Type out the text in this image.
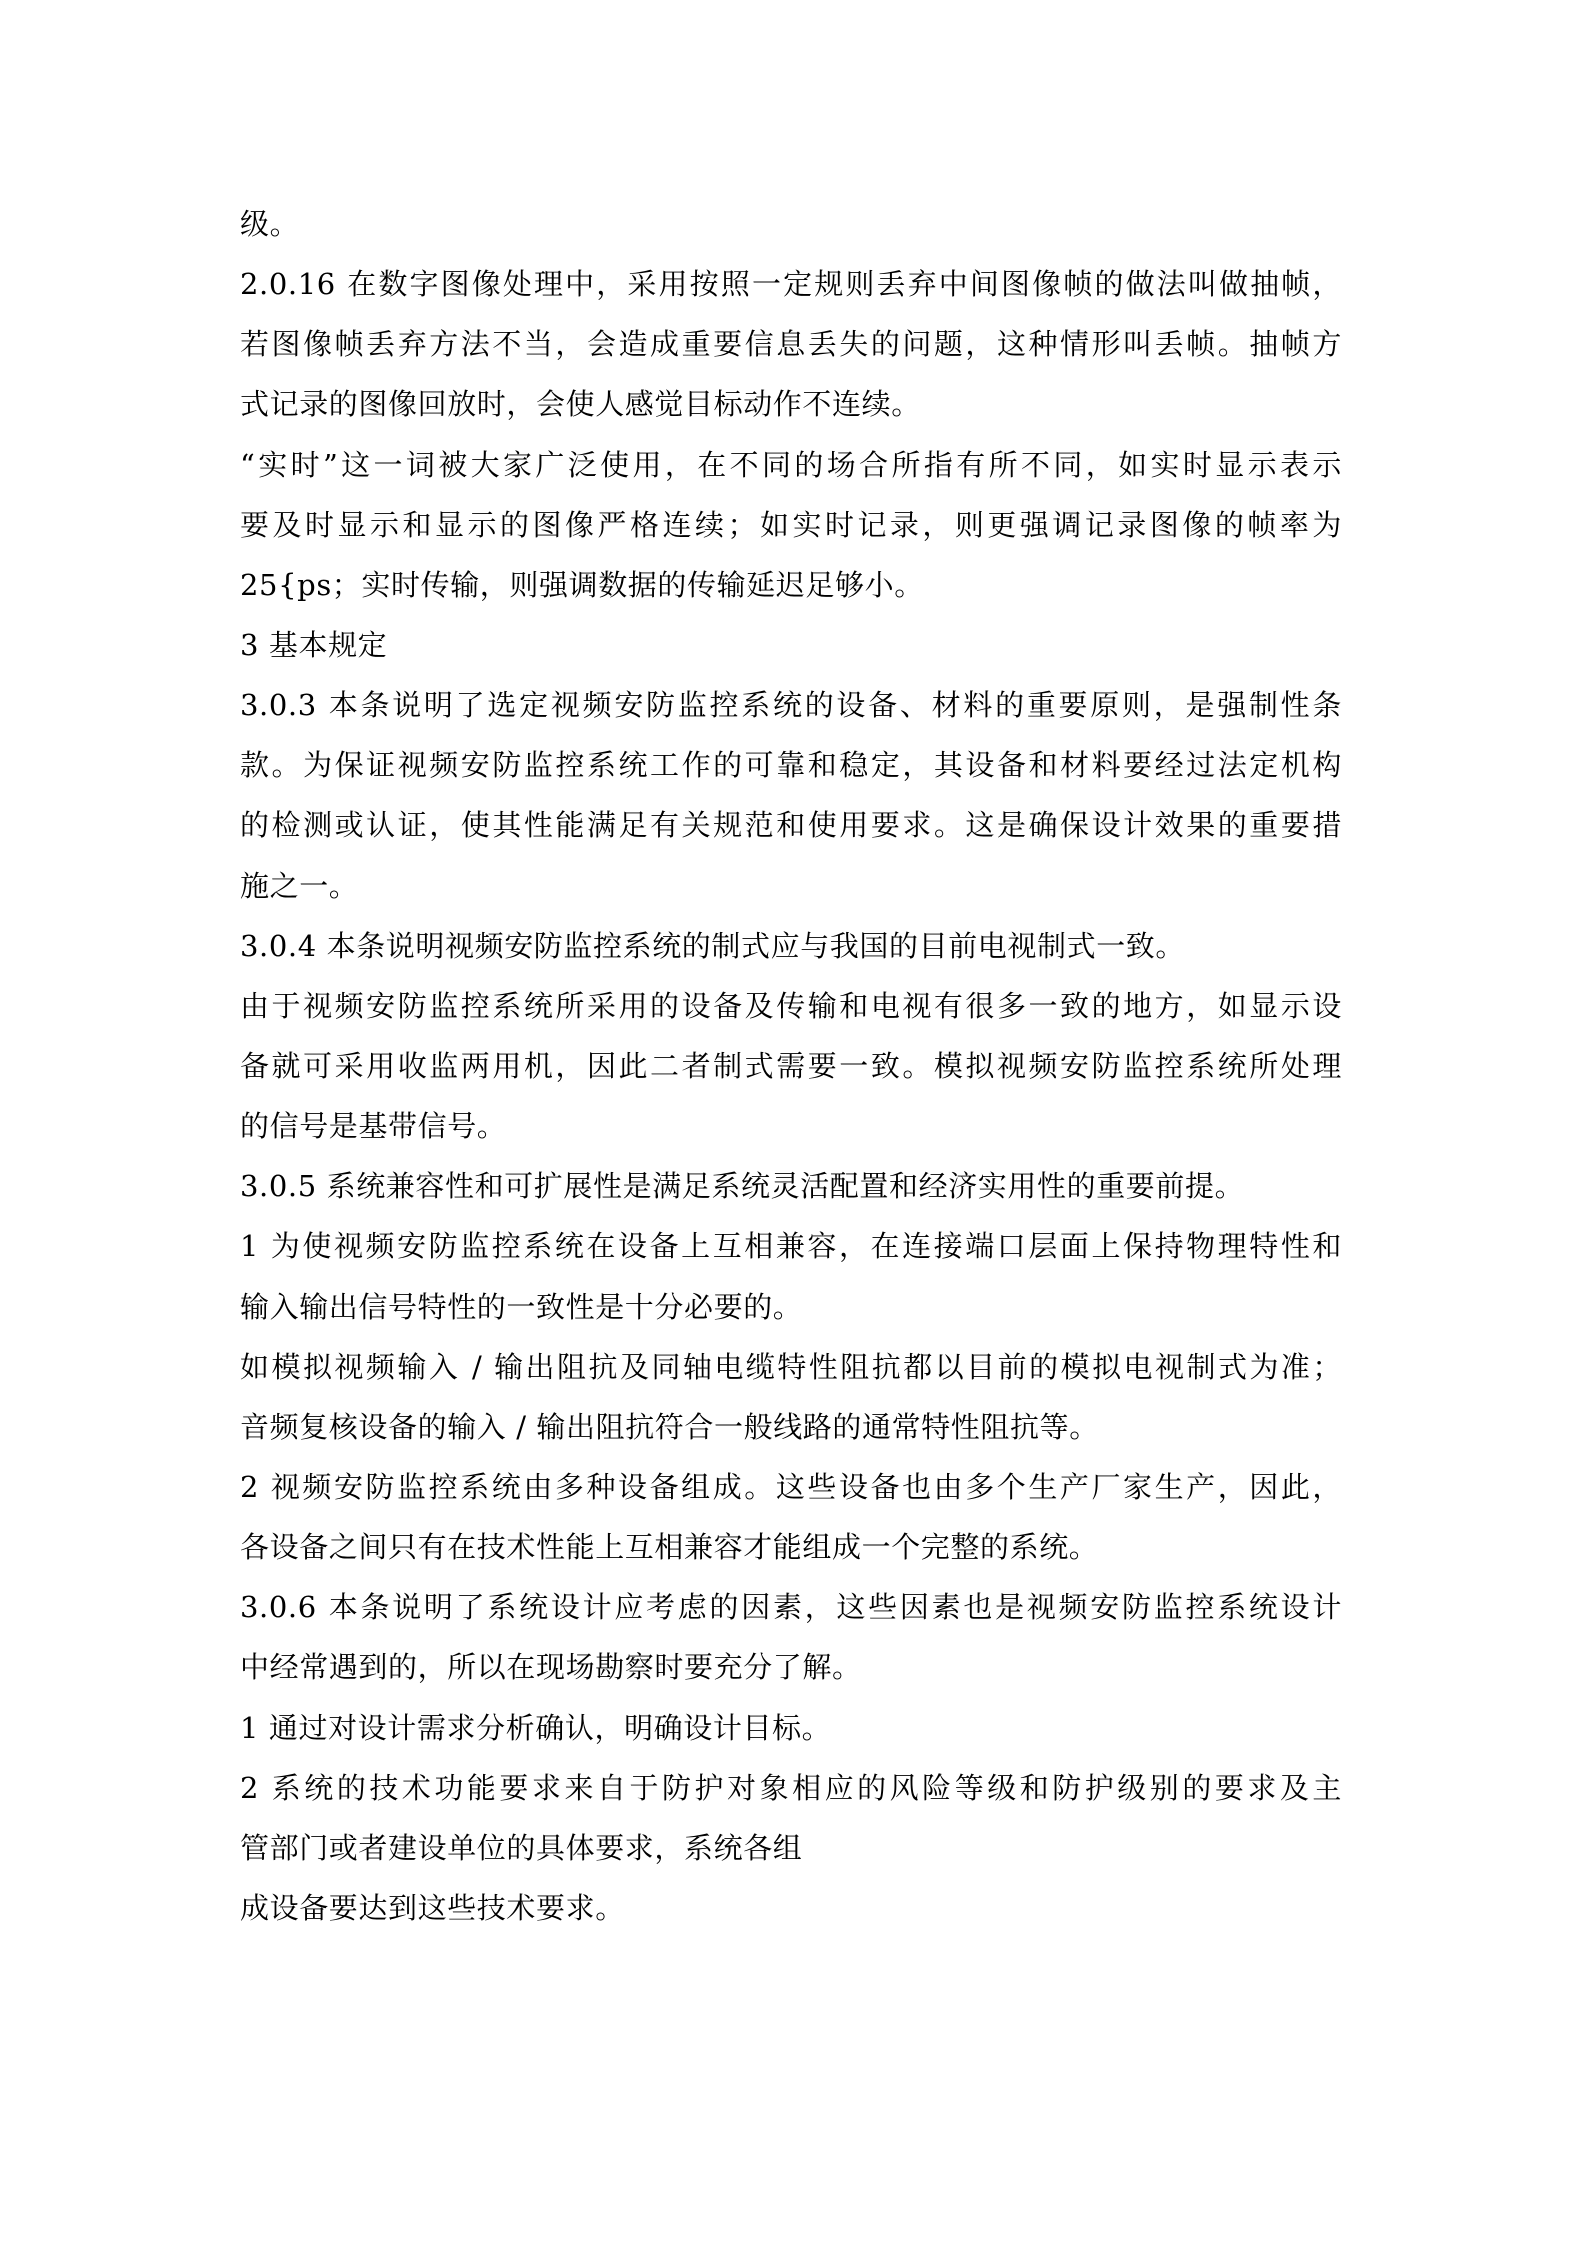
级。
2.0.16 在数字图像处理中，采用按照一定规则丢弃中间图像帧的做法叫做抽帧，
若图像帧丢弃方法不当，会造成重要信息丢失的问题，这种情形叫丢帧。抽帧方
式记录的图像回放时，会使人感觉目标动作不连续。
“实时”这一词被大家广泛使用，在不同的场合所指有所不同，如实时显示表示
要及时显示和显示的图像严格连续；如实时记录，则更强调记录图像的帧率为
25{ps；实时传输，则强调数据的传输延迟足够小。
3 基本规定
3.0.3 本条说明了选定视频安防监控系统的设备、材料的重要原则，是强制性条
款。为保证视频安防监控系统工作的可靠和稳定，其设备和材料要经过法定机构
的检测或认证，使其性能满足有关规范和使用要求。这是确保设计效果的重要措
施之一。
3.0.4 本条说明视频安防监控系统的制式应与我国的目前电视制式一致。
由于视频安防监控系统所采用的设备及传输和电视有很多一致的地方，如显示设
备就可采用收监两用机，因此二者制式需要一致。模拟视频安防监控系统所处理
的信号是基带信号。
3.0.5 系统兼容性和可扩展性是满足系统灵活配置和经济实用性的重要前提。
1 为使视频安防监控系统在设备上互相兼容，在连接端口层面上保持物理特性和
输入输出信号特性的一致性是十分必要的。
如模拟视频输入 / 输出阻抗及同轴电缆特性阻抗都以目前的模拟电视制式为准；
音频复核设备的输入 / 输出阻抗符合一般线路的通常特性阻抗等。
2 视频安防监控系统由多种设备组成。这些设备也由多个生产厂家生产，因此，
各设备之间只有在技术性能上互相兼容才能组成一个完整的系统。
3.0.6 本条说明了系统设计应考虑的因素，这些因素也是视频安防监控系统设计
中经常遇到的，所以在现场勘察时要充分了解。
1 通过对设计需求分析确认，明确设计目标。
2 系统的技术功能要求来自于防护对象相应的风险等级和防护级别的要求及主
管部门或者建设单位的具体要求，系统各组
成设备要达到这些技术要求。
